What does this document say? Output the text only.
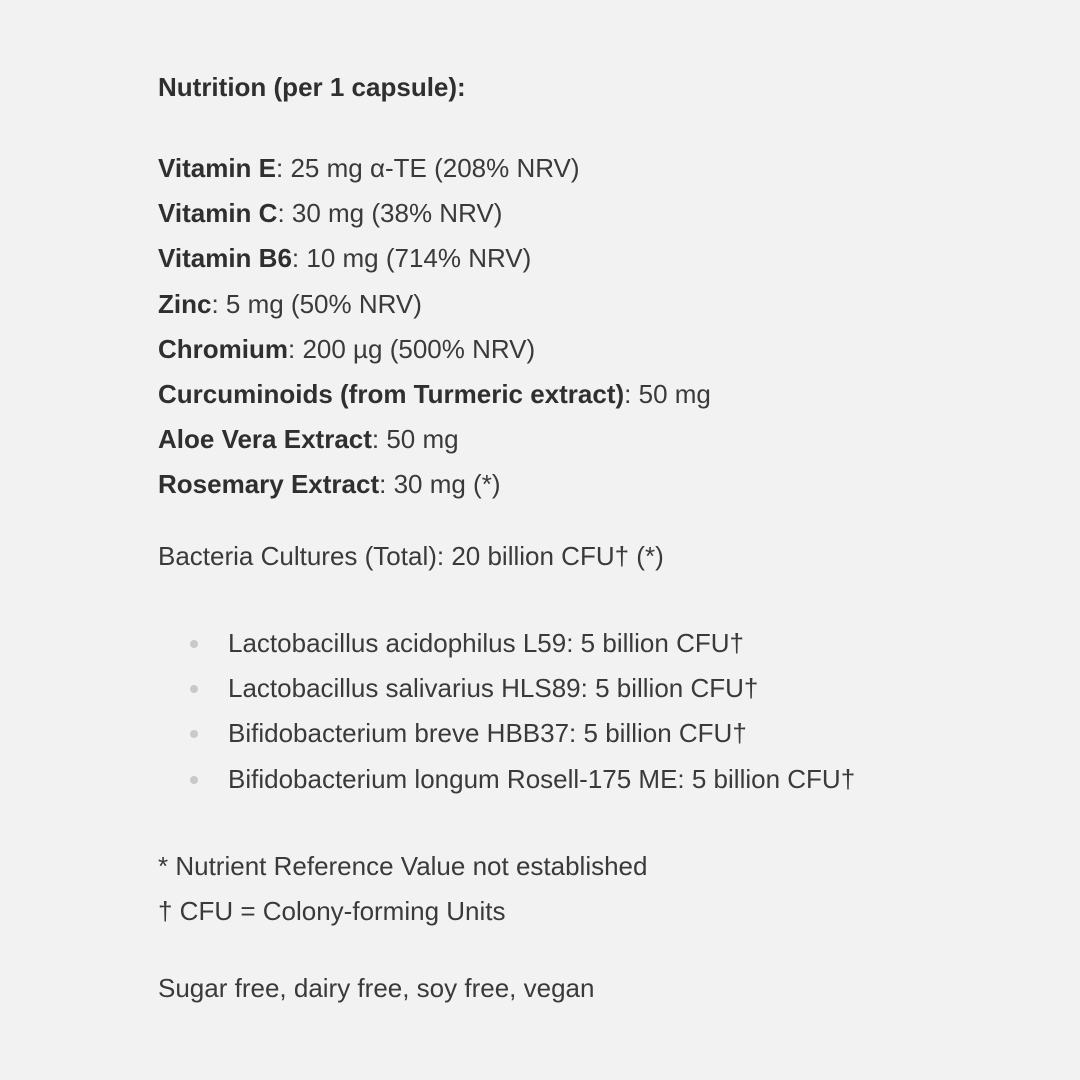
Nutrition (per 1 capsule):

Vitamin E: 25 mg α-TE (208% NRV)
Vitamin C: 30 mg (38% NRV)
Vitamin B6: 10 mg (714% NRV)
Zinc: 5 mg (50% NRV)
Chromium: 200 µg (500% NRV)
Curcuminoids (from Turmeric extract): 50 mg
Aloe Vera Extract: 50 mg
Rosemary Extract: 30 mg (*)

Bacteria Cultures (Total): 20 billion CFU† (*)

Lactobacillus acidophilus L59: 5 billion CFU†
Lactobacillus salivarius HLS89: 5 billion CFU†
Bifidobacterium breve HBB37: 5 billion CFU†
Bifidobacterium longum Rosell-175 ME: 5 billion CFU†
* Nutrient Reference Value not established
† CFU = Colony-forming Units

Sugar free, dairy free, soy free, vegan
